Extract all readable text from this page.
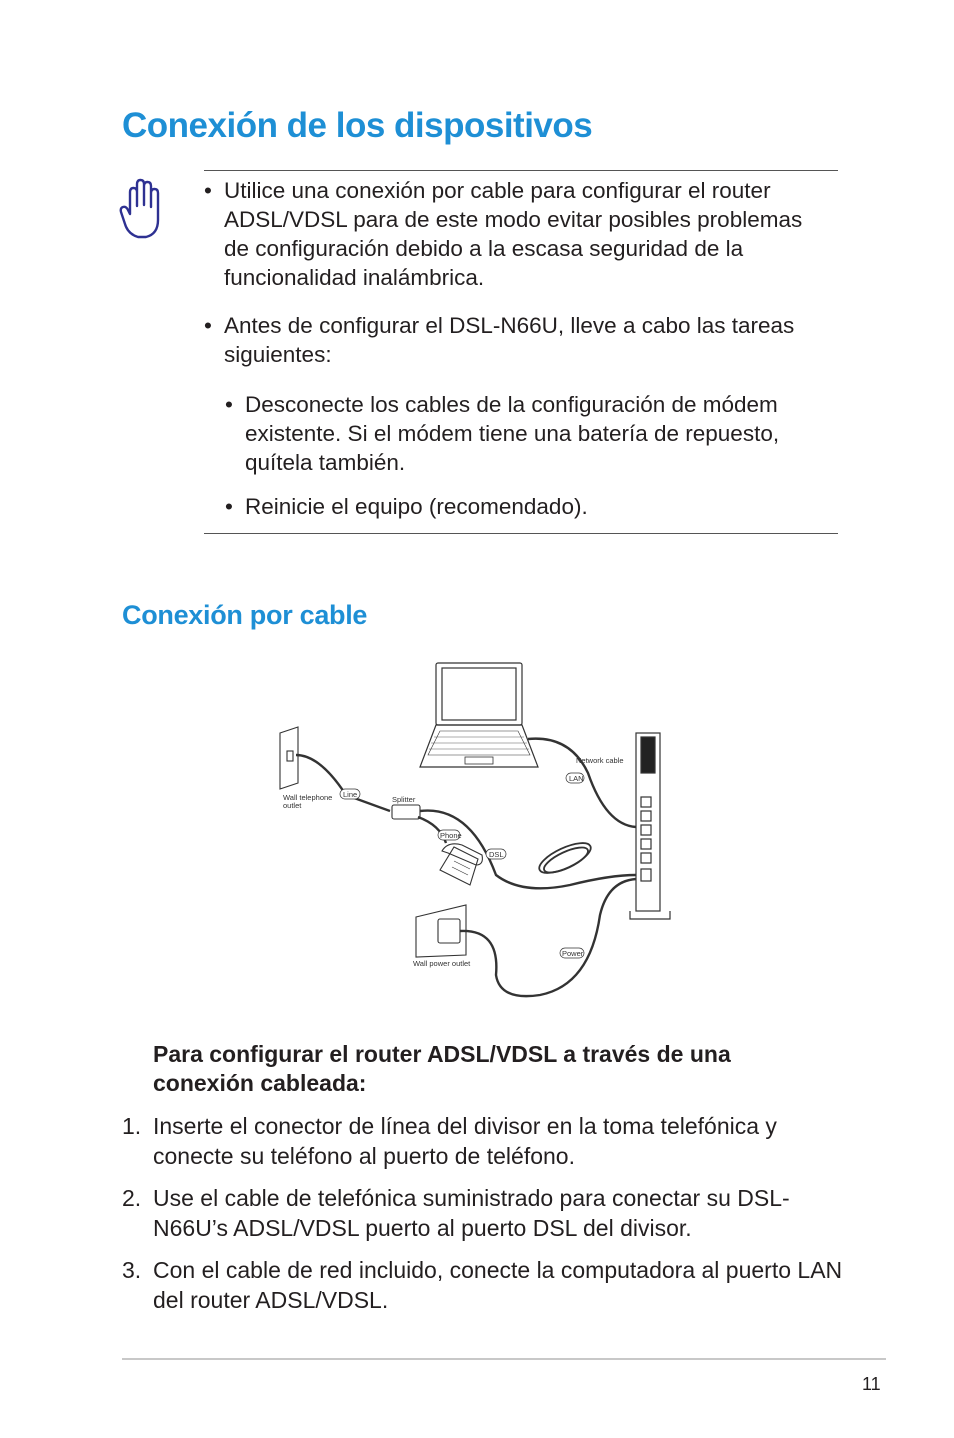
Conexión de los dispositivos

• Utilice una conexión por cable para configurar el router ADSL/VDSL para de este modo evitar posibles problemas de configuración debido a la escasa seguridad de la funcionalidad inalámbrica.

• Antes de configurar el DSL-N66U, lleve a cabo las tareas siguientes:

• Desconecte los cables de la configuración de módem existente. Si el módem tiene una batería de repuesto, quítela también.

• Reinicie el equipo (recomendado).

Conexión por cable
Network cable
LAN
Wall telephone
outlet
Line
Splitter
Phone
DSL
Wall power outlet
Power

Para configurar el router ADSL/VDSL a través de una conexión cableada:

1. Inserte el conector de línea del divisor en la toma telefónica y conecte su teléfono al puerto de teléfono.

2. Use el cable de telefónica suministrado para conectar su DSL-N66U’s ADSL/VDSL puerto al puerto DSL del divisor.

3. Con el cable de red incluido, conecte la computadora al puerto LAN del router ADSL/VDSL.

11
